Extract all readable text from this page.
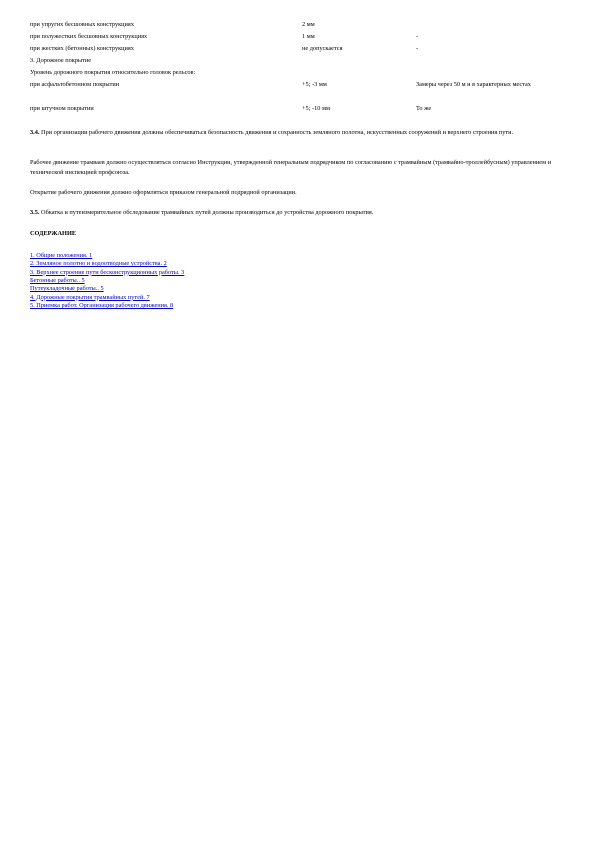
при упругих бесшовных конструкциях	2 мм
при полужестких бесшовных конструкциях	1 мм	-
при жестких (бетонных) конструкциях	не допускается	-
3. Дорожное покрытие
Уровень дорожного покрытия относительно головок рельсов:
при асфальтобетонном покрытии	+5; -3 мм	Замеры через 50 м и в характерных местах
при штучном покрытии	+5; -10 мм	То же
3.4. При организации рабочего движения должны обеспечиваться безопасность движения и сохранность земляного полотна, искусственных сооружений и верхнего строения пути.
Рабочее движение трамваев должно осуществляться согласно Инструкции, утвержденной генеральным подрядчиком по согласованию с трамвайным (трамвайно-троллейбусным) управлением и технической инспекцией профсоюза.
Открытие рабочего движения должно оформляться приказом генеральной подрядной организации.
3.5. Обкатка и путеизмерительное обследование трамвайных путей должны производиться до устройства дорожного покрытия.
СОДЕРЖАНИЕ
1. Общие положения. 1
2. Земляное полотно и водоотводные устройства. 2
3. Верхнее строение пути бесконструкционных работы. 3
Бетонные работы.. 5
Путеукладочные работы.. 5
4. Дорожные покрытия трамвайных путей. 7
5. Приемка работ. Организация рабочего движения. 8
